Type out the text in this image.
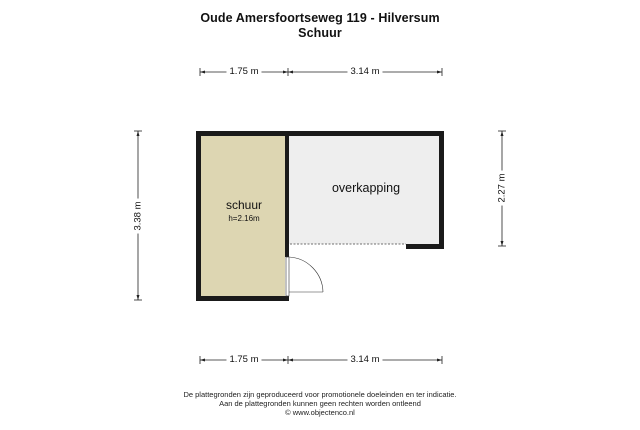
Oude Amersfoortseweg 119 - Hilversum
Schuur
1.75 m	3.14 m
1.75 m	3.14 m
3.38 m
2.27 m
schuur
h=2.16m
overkapping
De plattegronden zijn geproduceerd voor promotionele doeleinden en ter indicatie.
Aan de plattegronden kunnen geen rechten worden ontleend
© www.objectenco.nl
